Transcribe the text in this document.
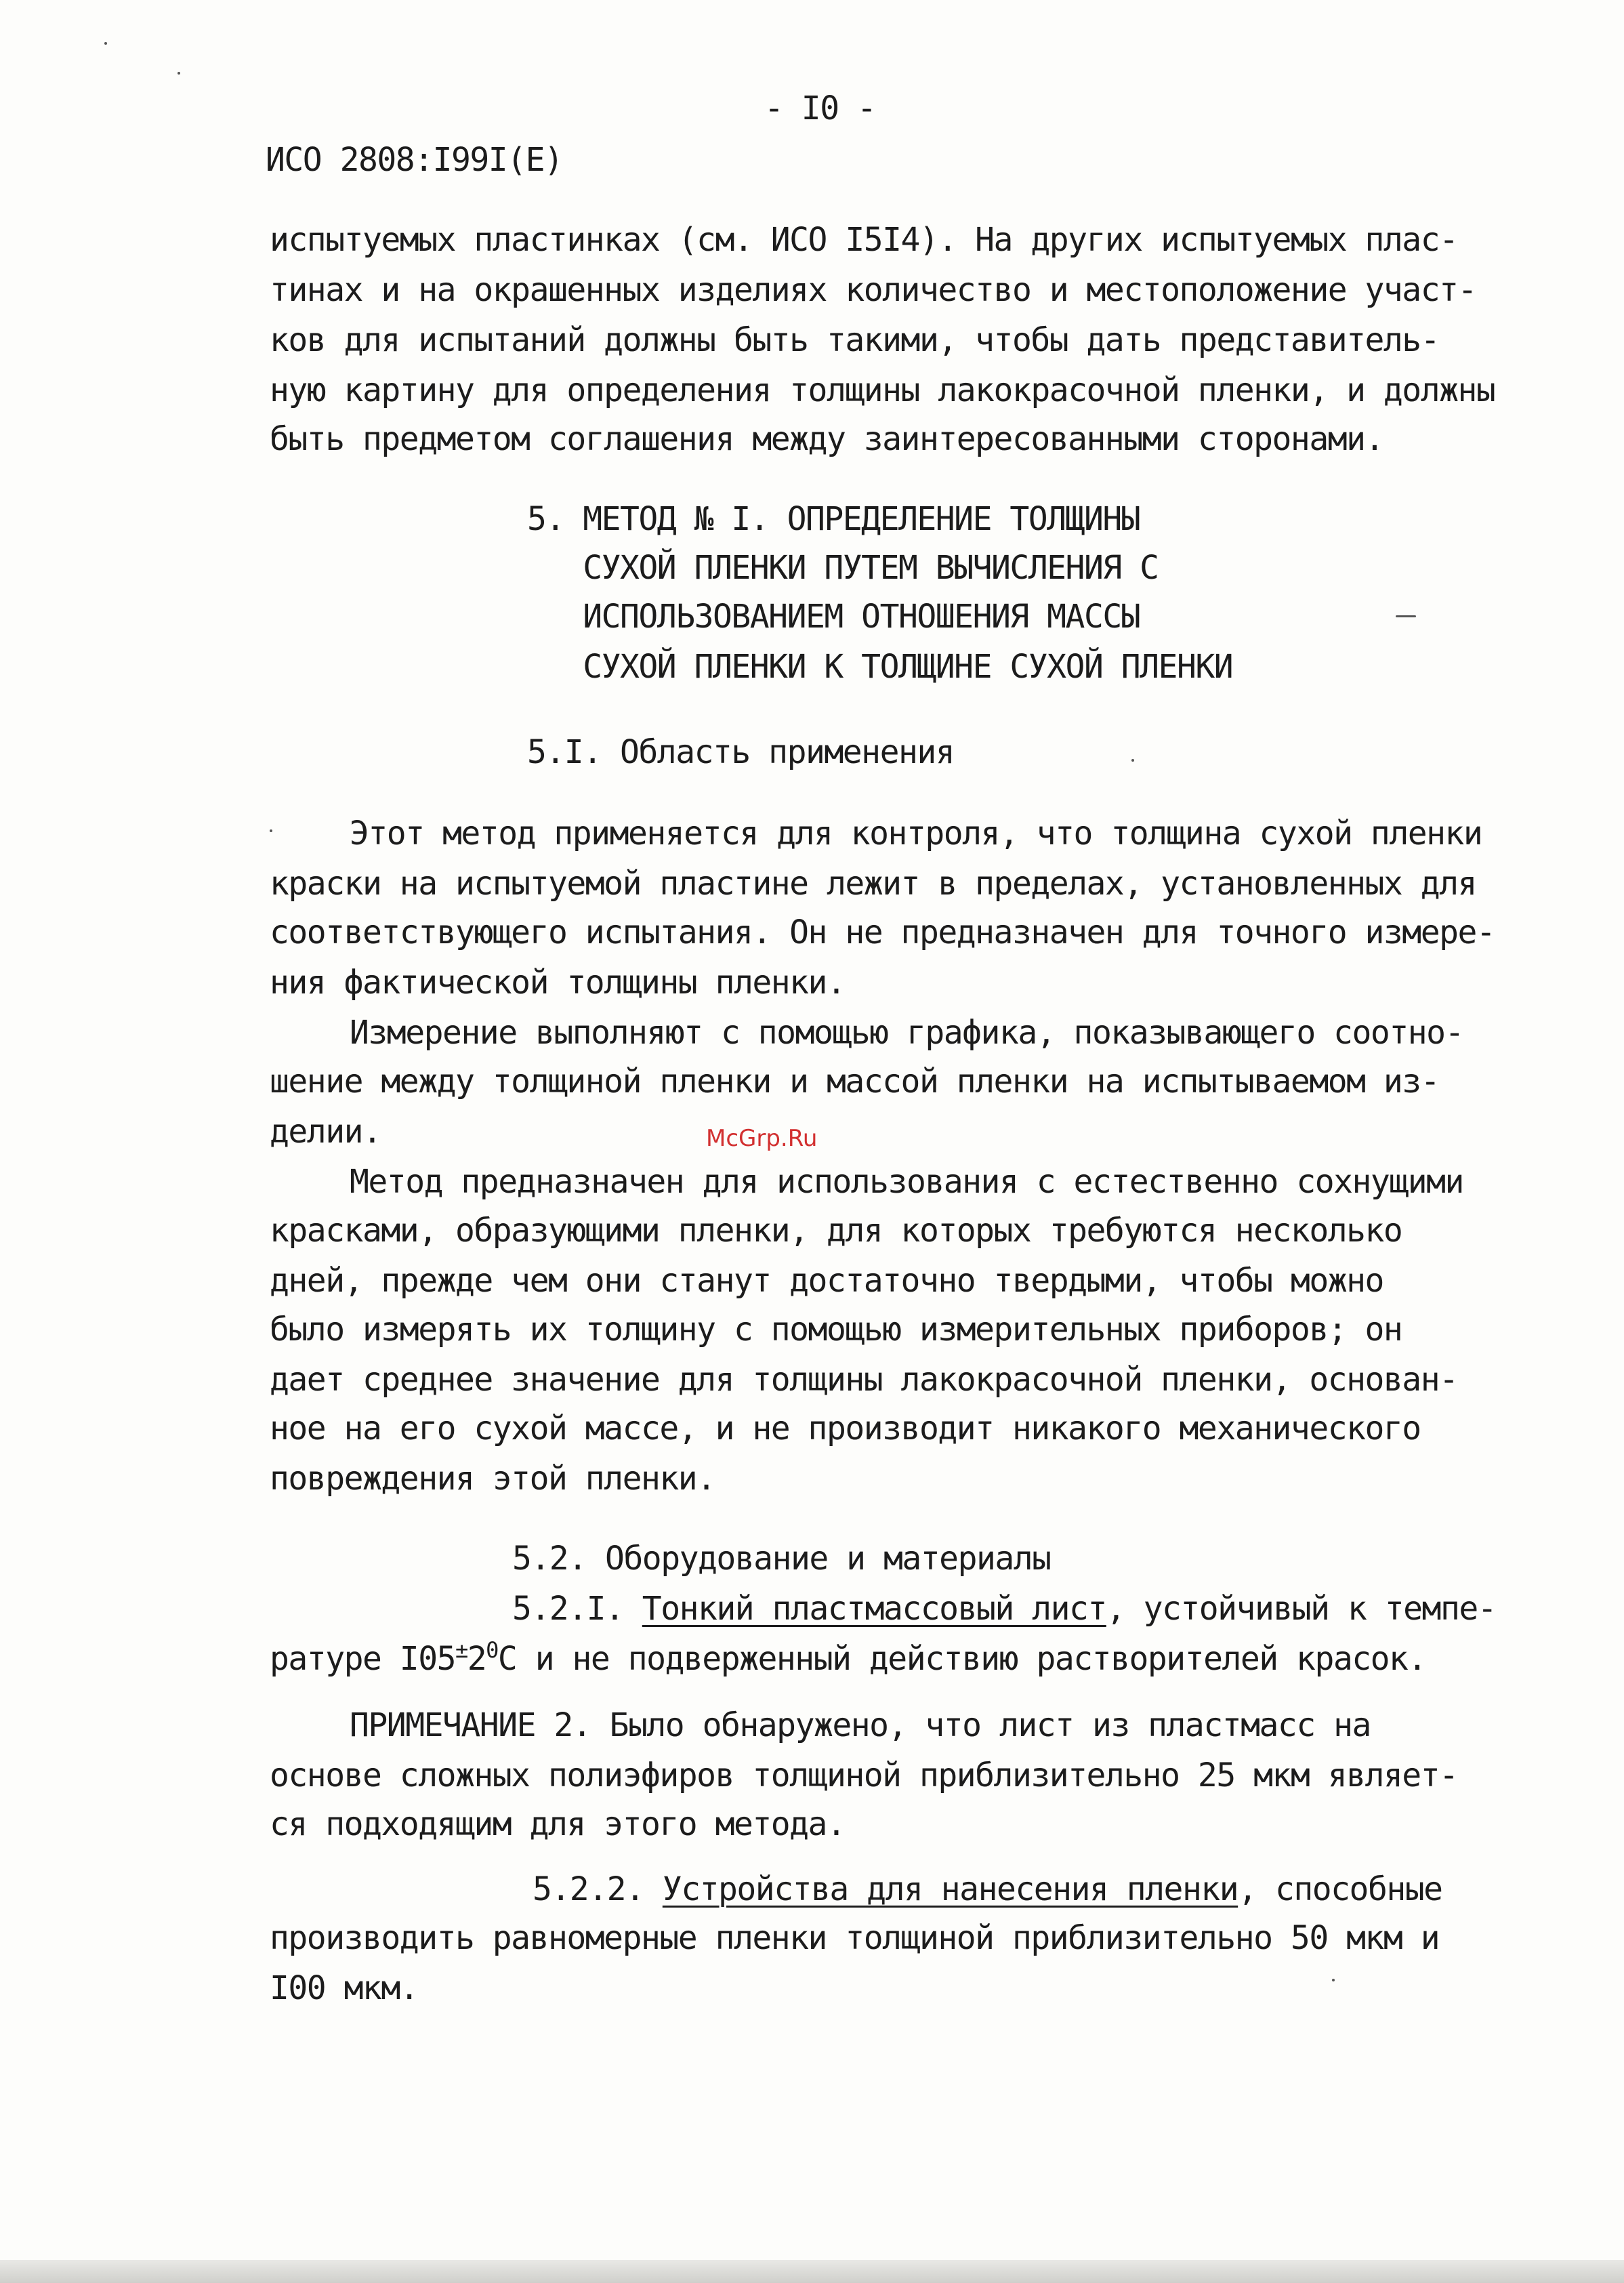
- I0 -
ИСО 2808:I99I(E)
испытуемых пластинках (см. ИСО I5I4). На других испытуемых плас-
тинах и на окрашенных изделиях количество и местоположение участ-
ков для испытаний должны быть такими, чтобы дать представитель-
ную картину для определения толщины лакокрасочной пленки, и должны
быть предметом соглашения между заинтересованными сторонами.
5. МЕТОД № I. ОПРЕДЕЛЕНИЕ ТОЛЩИНЫ
СУХОЙ ПЛЕНКИ ПУТЕМ ВЫЧИСЛЕНИЯ С
ИСПОЛЬЗОВАНИЕМ ОТНОШЕНИЯ МАССЫ
СУХОЙ ПЛЕНКИ К ТОЛЩИНЕ СУХОЙ ПЛЕНКИ
5.I. Область применения
Этот метод применяется для контроля, что толщина сухой пленки
краски на испытуемой пластине лежит в пределах, установленных для
соответствующего испытания. Он не предназначен для точного измере-
ния фактической толщины пленки.
Измерение выполняют с помощью графика, показывающего соотно-
шение между толщиной пленки и массой пленки на испытываемом из-
делии.	McGrp.Ru
Метод предназначен для использования с естественно сохнущими
красками, образующими пленки, для которых требуются несколько
дней, прежде чем они станут достаточно твердыми, чтобы можно
было измерять их толщину с помощью измерительных приборов; он
дает среднее значение для толщины лакокрасочной пленки, основан-
ное на его сухой массе, и не производит никакого механического
повреждения этой пленки.
5.2. Оборудование и материалы
5.2.I. Тонкий пластмассовый лист, устойчивый к темпе-
ратуре $I05^\pm 2^0С$ и не подверженный действию растворителей красок.
ПРИМЕЧАНИЕ 2. Было обнаружено, что лист из пластмасс на
основе сложных полиэфиров толщиной приблизительно 25 мкм являет-
ся подходящим для этого метода.
5.2.2. Устройства для нанесения пленки, способные
производить равномерные пленки толщиной приблизительно 50 мкм и
I00 мкм.
